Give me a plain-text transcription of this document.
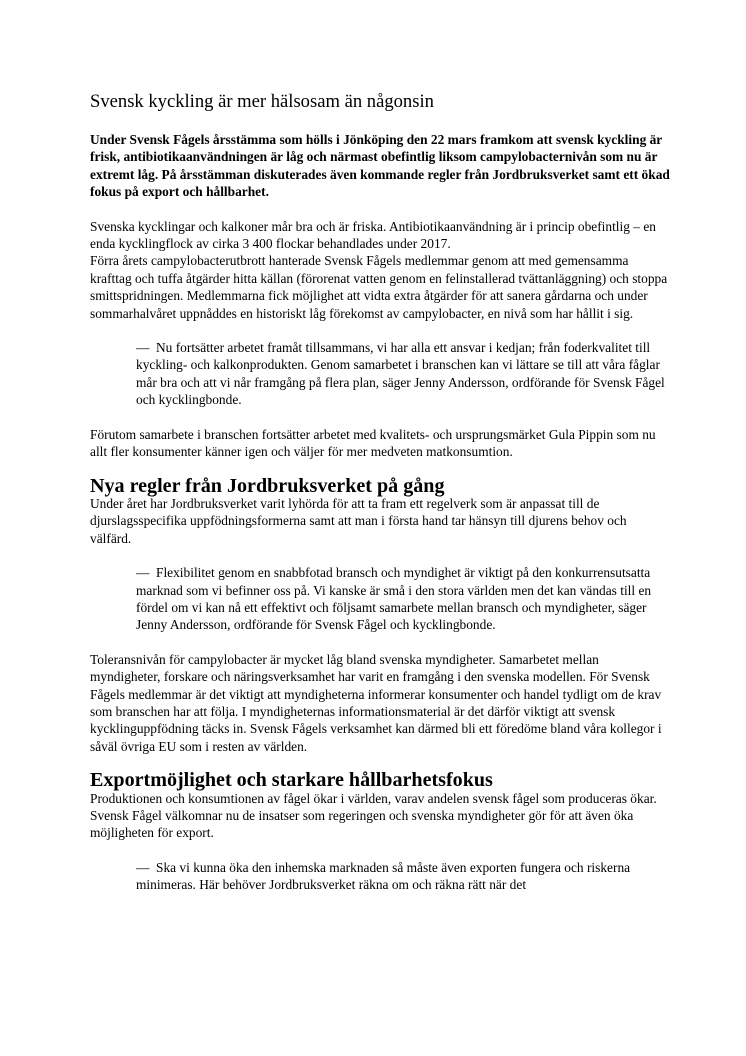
Svensk kyckling är mer hälsosam än någonsin

Under Svensk Fågels årsstämma som hölls i Jönköping den 22 mars framkom att svensk kyckling är frisk, antibiotikaanvändningen är låg och närmast obefintlig liksom campylobacternivån som nu är extremt låg. På årsstämman diskuterades även kommande regler från Jordbruksverket samt ett ökad fokus på export och hållbarhet.

Svenska kycklingar och kalkoner mår bra och är friska. Antibiotikaanvändning är i princip obefintlig – en enda kycklingflock av cirka 3 400 flockar behandlades under 2017.
Förra årets campylobacterutbrott hanterade Svensk Fågels medlemmar genom att med gemensamma krafttag och tuffa åtgärder hitta källan (förorenat vatten genom en felinstallerad tvättanläggning) och stoppa smittspridningen. Medlemmarna fick möjlighet att vidta extra åtgärder för att sanera gårdarna och under sommarhalvåret uppnåddes en historiskt låg förekomst av campylobacter, en nivå som har hållit i sig.

— Nu fortsätter arbetet framåt tillsammans, vi har alla ett ansvar i kedjan; från foderkvalitet till kyckling- och kalkonprodukten. Genom samarbetet i branschen kan vi lättare se till att våra fåglar mår bra och att vi når framgång på flera plan, säger Jenny Andersson, ordförande för Svensk Fågel och kycklingbonde.

Förutom samarbete i branschen fortsätter arbetet med kvalitets- och ursprungsmärket Gula Pippin som nu allt fler konsumenter känner igen och väljer för mer medveten matkonsumtion.

Nya regler från Jordbruksverket på gång

Under året har Jordbruksverket varit lyhörda för att ta fram ett regelverk som är anpassat till de djurslagsspecifika uppfödningsformerna samt att man i första hand tar hänsyn till djurens behov och välfärd.

— Flexibilitet genom en snabbfotad bransch och myndighet är viktigt på den konkurrensutsatta marknad som vi befinner oss på. Vi kanske är små i den stora världen men det kan vändas till en fördel om vi kan nå ett effektivt och följsamt samarbete mellan bransch och myndigheter, säger Jenny Andersson, ordförande för Svensk Fågel och kycklingbonde.

Toleransnivån för campylobacter är mycket låg bland svenska myndigheter. Samarbetet mellan myndigheter, forskare och näringsverksamhet har varit en framgång i den svenska modellen. För Svensk Fågels medlemmar är det viktigt att myndigheterna informerar konsumenter och handel tydligt om de krav som branschen har att följa. I myndigheternas informationsmaterial är det därför viktigt att svensk kycklinguppfödning täcks in. Svensk Fågels verksamhet kan därmed bli ett föredöme bland våra kollegor i såväl övriga EU som i resten av världen.

Exportmöjlighet och starkare hållbarhetsfokus

Produktionen och konsumtionen av fågel ökar i världen, varav andelen svensk fågel som produceras ökar. Svensk Fågel välkomnar nu de insatser som regeringen och svenska myndigheter gör för att även öka möjligheten för export.

— Ska vi kunna öka den inhemska marknaden så måste även exporten fungera och riskerna minimeras. Här behöver Jordbruksverket räkna om och räkna rätt när det
